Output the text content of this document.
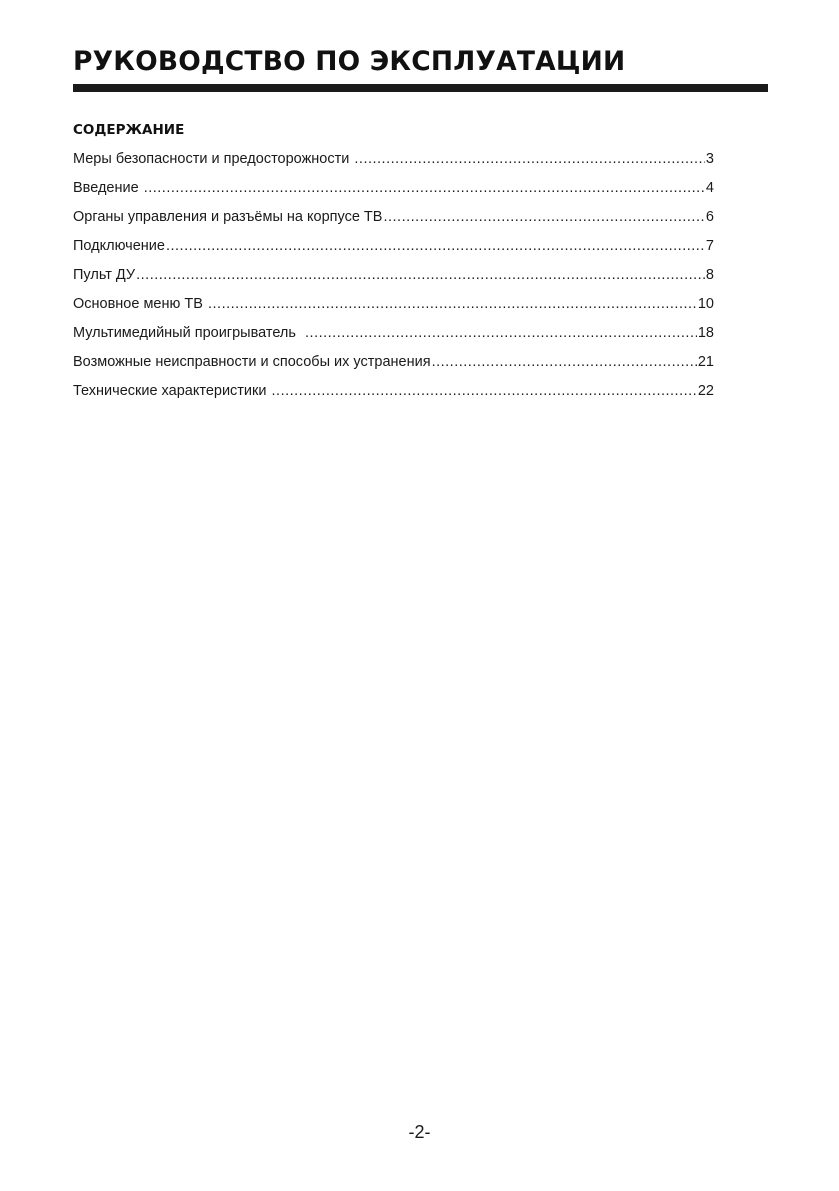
РУКОВОДСТВО ПО ЭКСПЛУАТАЦИИ
СОДЕРЖАНИЕ
Меры безопасности и предосторожности .....	3
Введение .....	4
Органы управления и разъёмы на корпусе ТВ .....	6
Подключение .....	7
Пульт ДУ .....	8
Основное меню ТВ .....	10
Мультимедийный проигрыватель .....	18
Возможные неисправности и способы их устранения .....	21
Технические характеристики .....	22
-2-
